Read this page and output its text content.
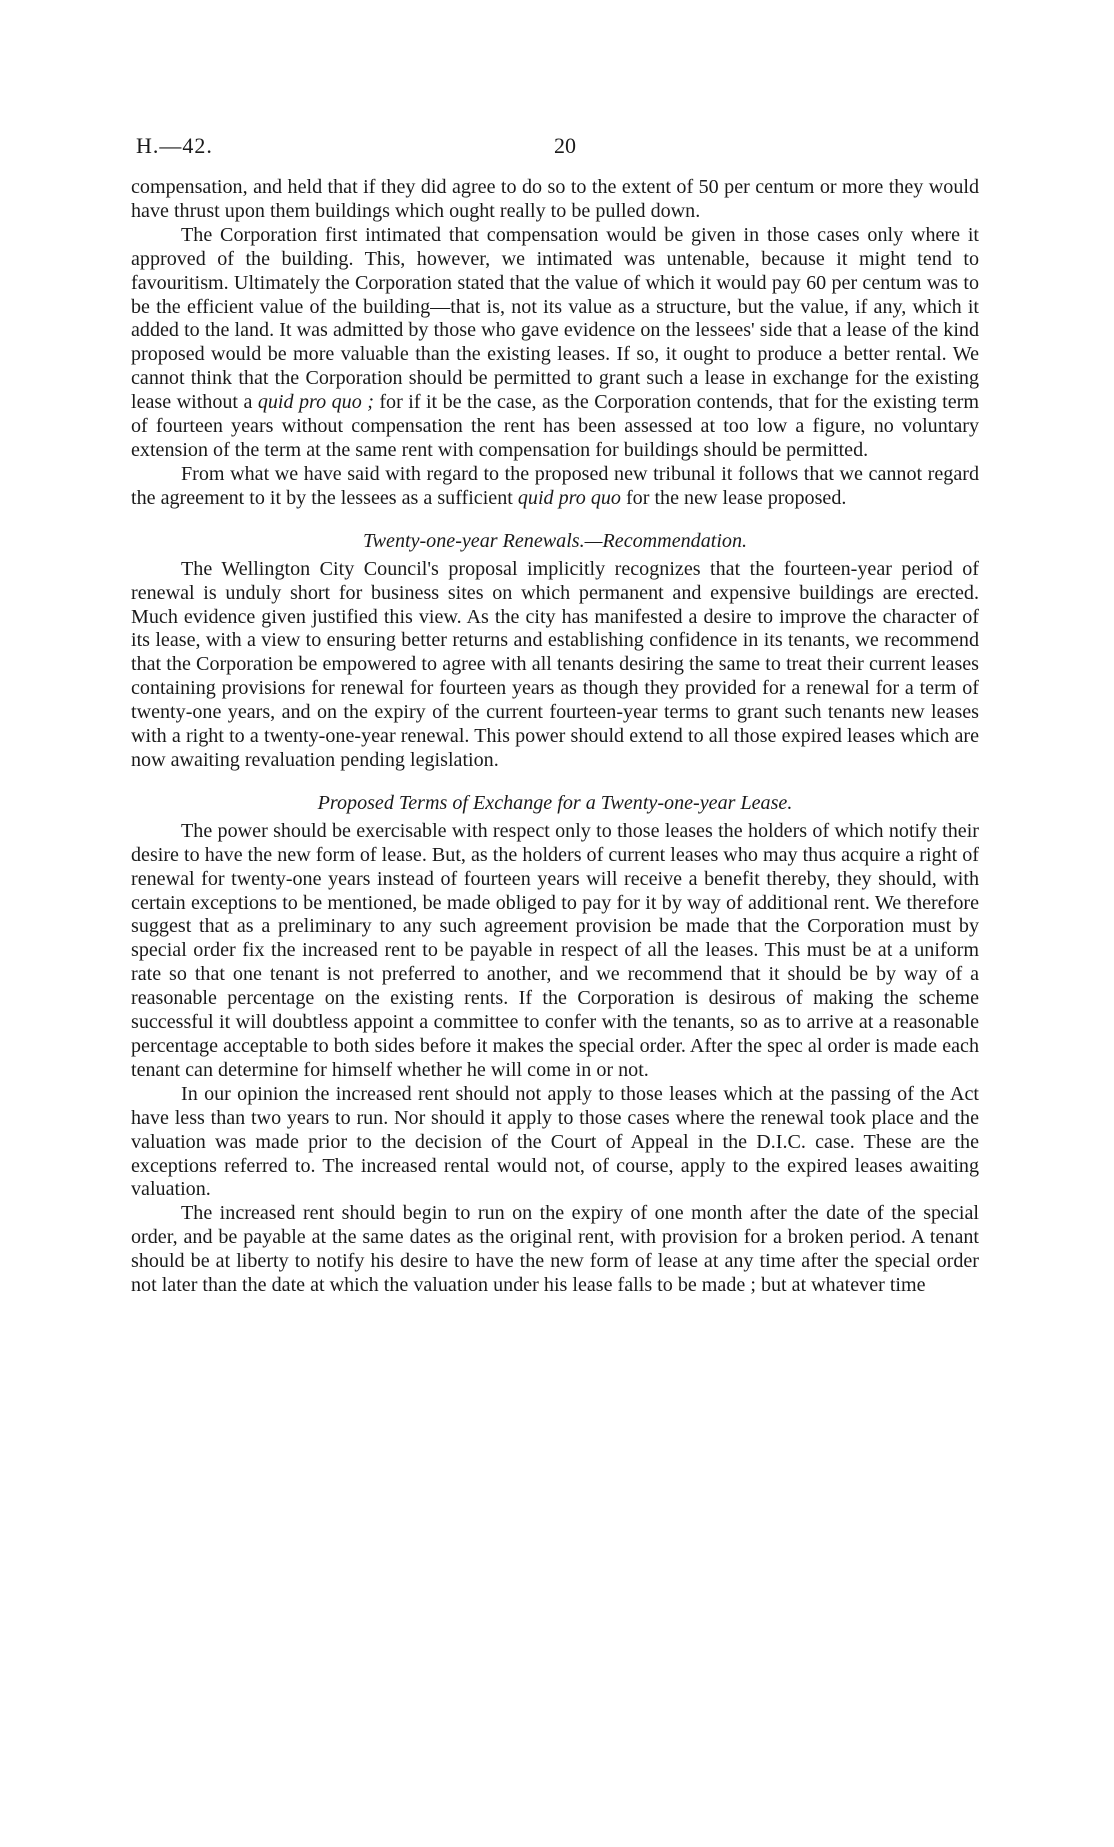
H.—42.	20

compensation, and held that if they did agree to do so to the extent of 50 per centum or more they would have thrust upon them buildings which ought really to be pulled down.

The Corporation first intimated that compensation would be given in those cases only where it approved of the building. This, however, we intimated was untenable, because it might tend to favouritism. Ultimately the Corporation stated that the value of which it would pay 60 per centum was to be the efficient value of the building—that is, not its value as a structure, but the value, if any, which it added to the land. It was admitted by those who gave evidence on the lessees' side that a lease of the kind proposed would be more valuable than the existing leases. If so, it ought to produce a better rental. We cannot think that the Corporation should be permitted to grant such a lease in exchange for the existing lease without a quid pro quo ; for if it be the case, as the Corporation contends, that for the existing term of fourteen years without compensation the rent has been assessed at too low a figure, no voluntary extension of the term at the same rent with compensation for buildings should be permitted.

From what we have said with regard to the proposed new tribunal it follows that we cannot regard the agreement to it by the lessees as a sufficient quid pro quo for the new lease proposed.

Twenty-one-year Renewals.—Recommendation.

The Wellington City Council's proposal implicitly recognizes that the fourteen-year period of renewal is unduly short for business sites on which permanent and expensive buildings are erected. Much evidence given justified this view. As the city has manifested a desire to improve the character of its lease, with a view to ensuring better returns and establishing confidence in its tenants, we recommend that the Corporation be empowered to agree with all tenants desiring the same to treat their current leases containing provisions for renewal for fourteen years as though they provided for a renewal for a term of twenty-one years, and on the expiry of the current fourteen-year terms to grant such tenants new leases with a right to a twenty-one-year renewal. This power should extend to all those expired leases which are now awaiting revaluation pending legislation.

Proposed Terms of Exchange for a Twenty-one-year Lease.

The power should be exercisable with respect only to those leases the holders of which notify their desire to have the new form of lease. But, as the holders of current leases who may thus acquire a right of renewal for twenty-one years instead of fourteen years will receive a benefit thereby, they should, with certain exceptions to be mentioned, be made obliged to pay for it by way of additional rent. We therefore suggest that as a preliminary to any such agreement provision be made that the Corporation must by special order fix the increased rent to be payable in respect of all the leases. This must be at a uniform rate so that one tenant is not preferred to another, and we recommend that it should be by way of a reasonable percentage on the existing rents. If the Corporation is desirous of making the scheme successful it will doubtless appoint a committee to confer with the tenants, so as to arrive at a reasonable percentage acceptable to both sides before it makes the special order. After the spec al order is made each tenant can determine for himself whether he will come in or not.

In our opinion the increased rent should not apply to those leases which at the passing of the Act have less than two years to run. Nor should it apply to those cases where the renewal took place and the valuation was made prior to the decision of the Court of Appeal in the D.I.C. case. These are the exceptions referred to. The increased rental would not, of course, apply to the expired leases awaiting valuation.

The increased rent should begin to run on the expiry of one month after the date of the special order, and be payable at the same dates as the original rent, with provision for a broken period. A tenant should be at liberty to notify his desire to have the new form of lease at any time after the special order not later than the date at which the valuation under his lease falls to be made ; but at whatever time
